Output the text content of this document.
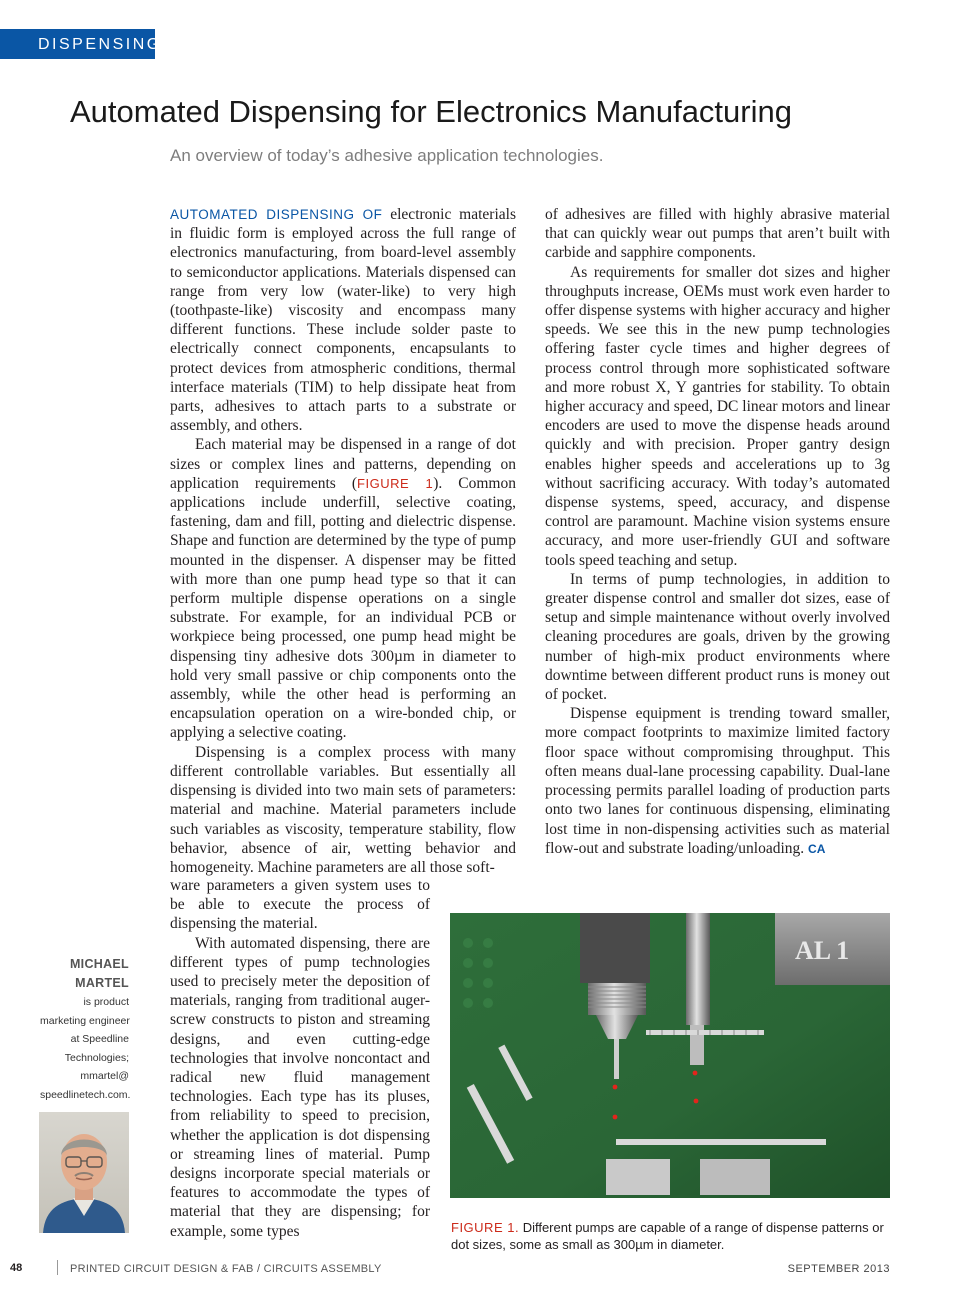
DISPENSING
Automated Dispensing for Electronics Manufacturing

An overview of today’s adhesive application technologies.

AUTOMATED DISPENSING OF electronic materials in fluidic form is employed across the full range of electronics manufacturing, from board-level assembly to semiconductor applications. Materials dispensed can range from very low (water-like) to very high (toothpaste-like) viscosity and encompass many different functions. These include solder paste to electrically connect components, encapsulants to protect devices from atmospheric conditions, thermal interface materials (TIM) to help dissipate heat from parts, adhesives to attach parts to a substrate or assembly, and others.

Each material may be dispensed in a range of dot sizes or complex lines and patterns, depending on application requirements (FIGURE 1). Common applications include underfill, selective coating, fastening, dam and fill, potting and dielectric dispense. Shape and function are determined by the type of pump mounted in the dispenser. A dispenser may be fitted with more than one pump head type so that it can perform multiple dispense operations on a single substrate. For example, for an individual PCB or workpiece being processed, one pump head might be dispensing tiny adhesive dots 300µm in diameter to hold very small passive or chip components onto the assembly, while the other head is performing an encapsulation operation on a wire-bonded chip, or applying a selective coating.

Dispensing is a complex process with many different controllable variables. But essentially all dispensing is divided into two main sets of parameters: material and machine. Material parameters include such variables as viscosity, temperature stability, flow behavior, absence of air, wetting behavior and homogeneity. Machine parameters are all those soft-

ware parameters a given system uses to be able to execute the process of dispensing the material.

With automated dispensing, there are different types of pump technologies used to precisely meter the deposition of materials, ranging from traditional auger-screw constructs to piston and streaming designs, and even cutting-edge technologies that involve noncontact and radical new fluid management technologies. Each type has its pluses, from reliability to speed to precision, whether the application is dot dispensing or streaming lines of material. Pump designs incorporate special materials or features to accommodate the types of material that they are dispensing; for example, some types

of adhesives are filled with highly abrasive material that can quickly wear out pumps that aren’t built with carbide and sapphire components.

As requirements for smaller dot sizes and higher throughputs increase, OEMs must work even harder to offer dispense systems with higher accuracy and higher speeds. We see this in the new pump technologies offering faster cycle times and higher degrees of process control through more sophisticated software and more robust X, Y gantries for stability. To obtain higher accuracy and speed, DC linear motors and linear encoders are used to move the dispense heads around quickly and with precision. Proper gantry design enables higher speeds and accelerations up to 3g without sacrificing accuracy. With today’s automated dispense systems, speed, accuracy, and dispense control are paramount. Machine vision systems ensure accuracy, and more user-friendly GUI and software tools speed teaching and setup.

In terms of pump technologies, in addition to greater dispense control and smaller dot sizes, ease of setup and simple maintenance without overly involved cleaning procedures are goals, driven by the growing number of high-mix product environments where downtime between different product runs is money out of pocket.

Dispense equipment is trending toward smaller, more compact footprints to maximize limited factory floor space without compromising throughput. This often means dual-lane processing capability. Dual-lane processing permits parallel loading of production parts onto two lanes for continuous dispensing, eliminating lost time in non-dispensing activities such as material flow-out and substrate loading/unloading. CA

MICHAEL
MARTEL
is product
marketing engineer
at Speedline
Technologies;
mmartel@
speedlinetech.com.
AL 1

FIGURE 1. Different pumps are capable of a range of dispense patterns or dot sizes, some as small as 300µm in diameter.

48	PRINTED CIRCUIT DESIGN & FAB / CIRCUITS ASSEMBLY	SEPTEMBER 2013
